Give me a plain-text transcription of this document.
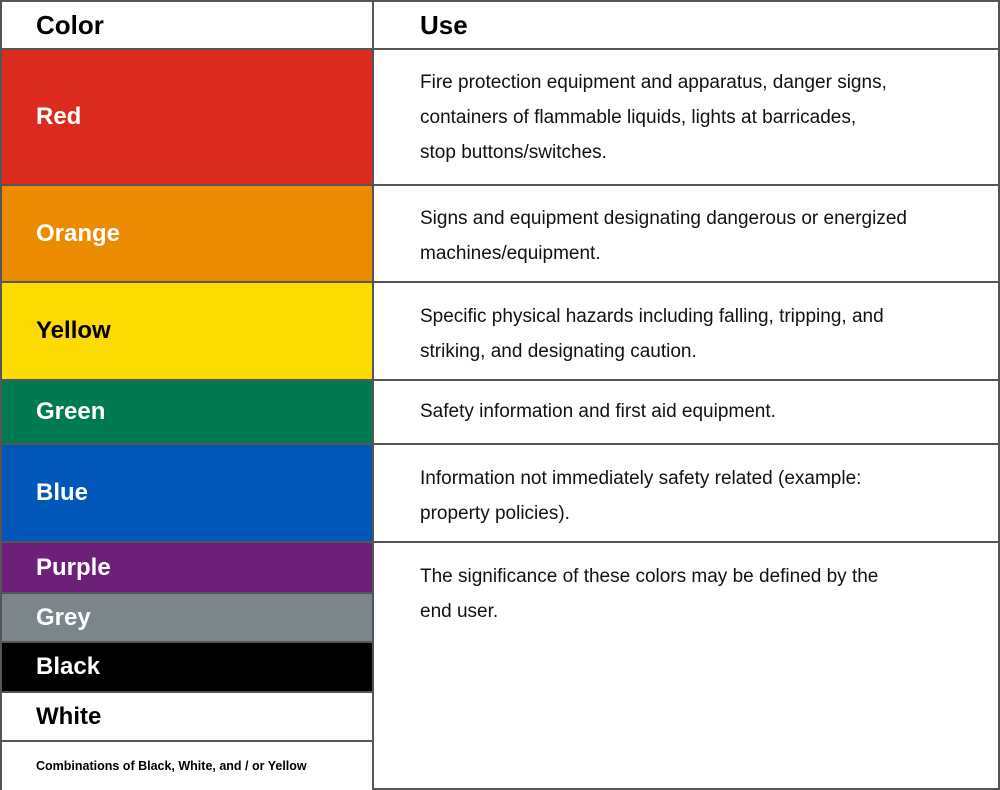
Color	Use
Red
Fire protection equipment and apparatus, danger signs,
containers of flammable liquids, lights at barricades,
stop buttons/switches.
Orange
Signs and equipment designating dangerous or energized
machines/equipment.
Yellow
Specific physical hazards including falling, tripping, and
striking, and designating caution.
Green	Safety information and first aid equipment.
Blue
Information not immediately safety related (example:
property policies).
Purple
Grey
Black
White
Combinations of Black, White, and / or Yellow
The significance of these colors may be defined by the
end user.
